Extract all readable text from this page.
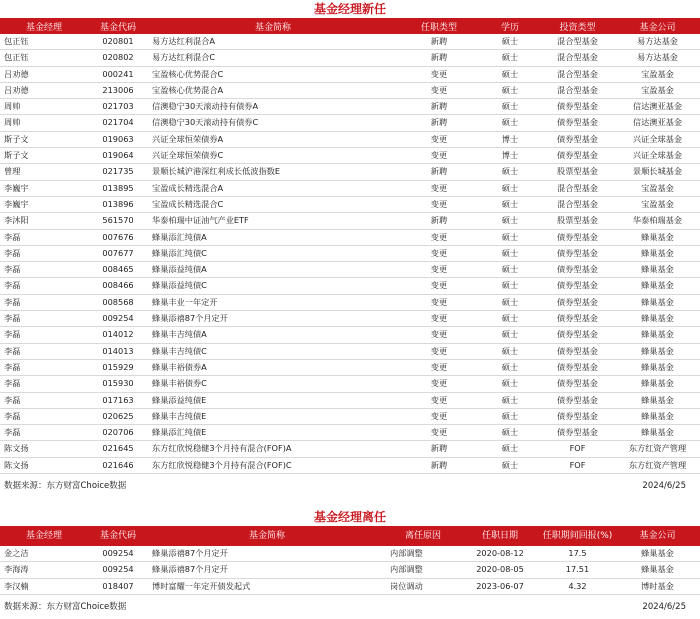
基金经理新任
基金经理	基金代码	基金简称	任职类型	学历	投资类型	基金公司
包正钰	020801	易方达红利混合A	新聘	硕士	混合型基金	易方达基金
包正钰	020802	易方达红利混合C	新聘	硕士	混合型基金	易方达基金
吕劝德	000241	宝盈核心优势混合C	变更	硕士	混合型基金	宝盈基金
吕劝德	213006	宝盈核心优势混合A	变更	硕士	混合型基金	宝盈基金
周帅	021703	信澳稳宁30天滚动持有债券A	新聘	硕士	债券型基金	信达澳亚基金
周帅	021704	信澳稳宁30天滚动持有债券C	新聘	硕士	债券型基金	信达澳亚基金
斯子文	019063	兴证全球恒荣债券A	变更	博士	债券型基金	兴证全球基金
斯子文	019064	兴证全球恒荣债券C	变更	博士	债券型基金	兴证全球基金
曾理	021735	景顺长城沪港深红利成长低波指数E	新聘	硕士	股票型基金	景顺长城基金
李巍宇	013895	宝盈成长精选混合A	变更	硕士	混合型基金	宝盈基金
李巍宇	013896	宝盈成长精选混合C	变更	硕士	混合型基金	宝盈基金
李沐阳	561570	华泰柏瑞中证油气产业ETF	新聘	硕士	股票型基金	华泰柏瑞基金
李磊	007676	蜂巢添汇纯债A	变更	硕士	债券型基金	蜂巢基金
李磊	007677	蜂巢添汇纯债C	变更	硕士	债券型基金	蜂巢基金
李磊	008465	蜂巢添益纯债A	变更	硕士	债券型基金	蜂巢基金
李磊	008466	蜂巢添益纯债C	变更	硕士	债券型基金	蜂巢基金
李磊	008568	蜂巢丰业一年定开	变更	硕士	债券型基金	蜂巢基金
李磊	009254	蜂巢添禧87个月定开	变更	硕士	债券型基金	蜂巢基金
李磊	014012	蜂巢丰吉纯债A	变更	硕士	债券型基金	蜂巢基金
李磊	014013	蜂巢丰吉纯债C	变更	硕士	债券型基金	蜂巢基金
李磊	015929	蜂巢丰裕债券A	变更	硕士	债券型基金	蜂巢基金
李磊	015930	蜂巢丰裕债券C	变更	硕士	债券型基金	蜂巢基金
李磊	017163	蜂巢添益纯债E	变更	硕士	债券型基金	蜂巢基金
李磊	020625	蜂巢丰吉纯债E	变更	硕士	债券型基金	蜂巢基金
李磊	020706	蜂巢添汇纯债E	变更	硕士	债券型基金	蜂巢基金
陈文扬	021645	东方红欣悦稳健3个月持有混合(FOF)A	新聘	硕士	FOF	东方红资产管理
陈文扬	021646	东方红欣悦稳健3个月持有混合(FOF)C	新聘	硕士	FOF	东方红资产管理
数据来源：东方财富Choice数据	2024/6/25
基金经理离任
基金经理	基金代码	基金简称	离任原因	任职日期	任职期间回报(%)	基金公司
金之洁	009254	蜂巢添禧87个月定开	内部调整	2020-08-12	17.5	蜂巢基金
李海涛	009254	蜂巢添禧87个月定开	内部调整	2020-08-05	17.51	蜂巢基金
李汉楠	018407	博时富耀一年定开债发起式	岗位调动	2023-06-07	4.32	博时基金
数据来源：东方财富Choice数据	2024/6/25
